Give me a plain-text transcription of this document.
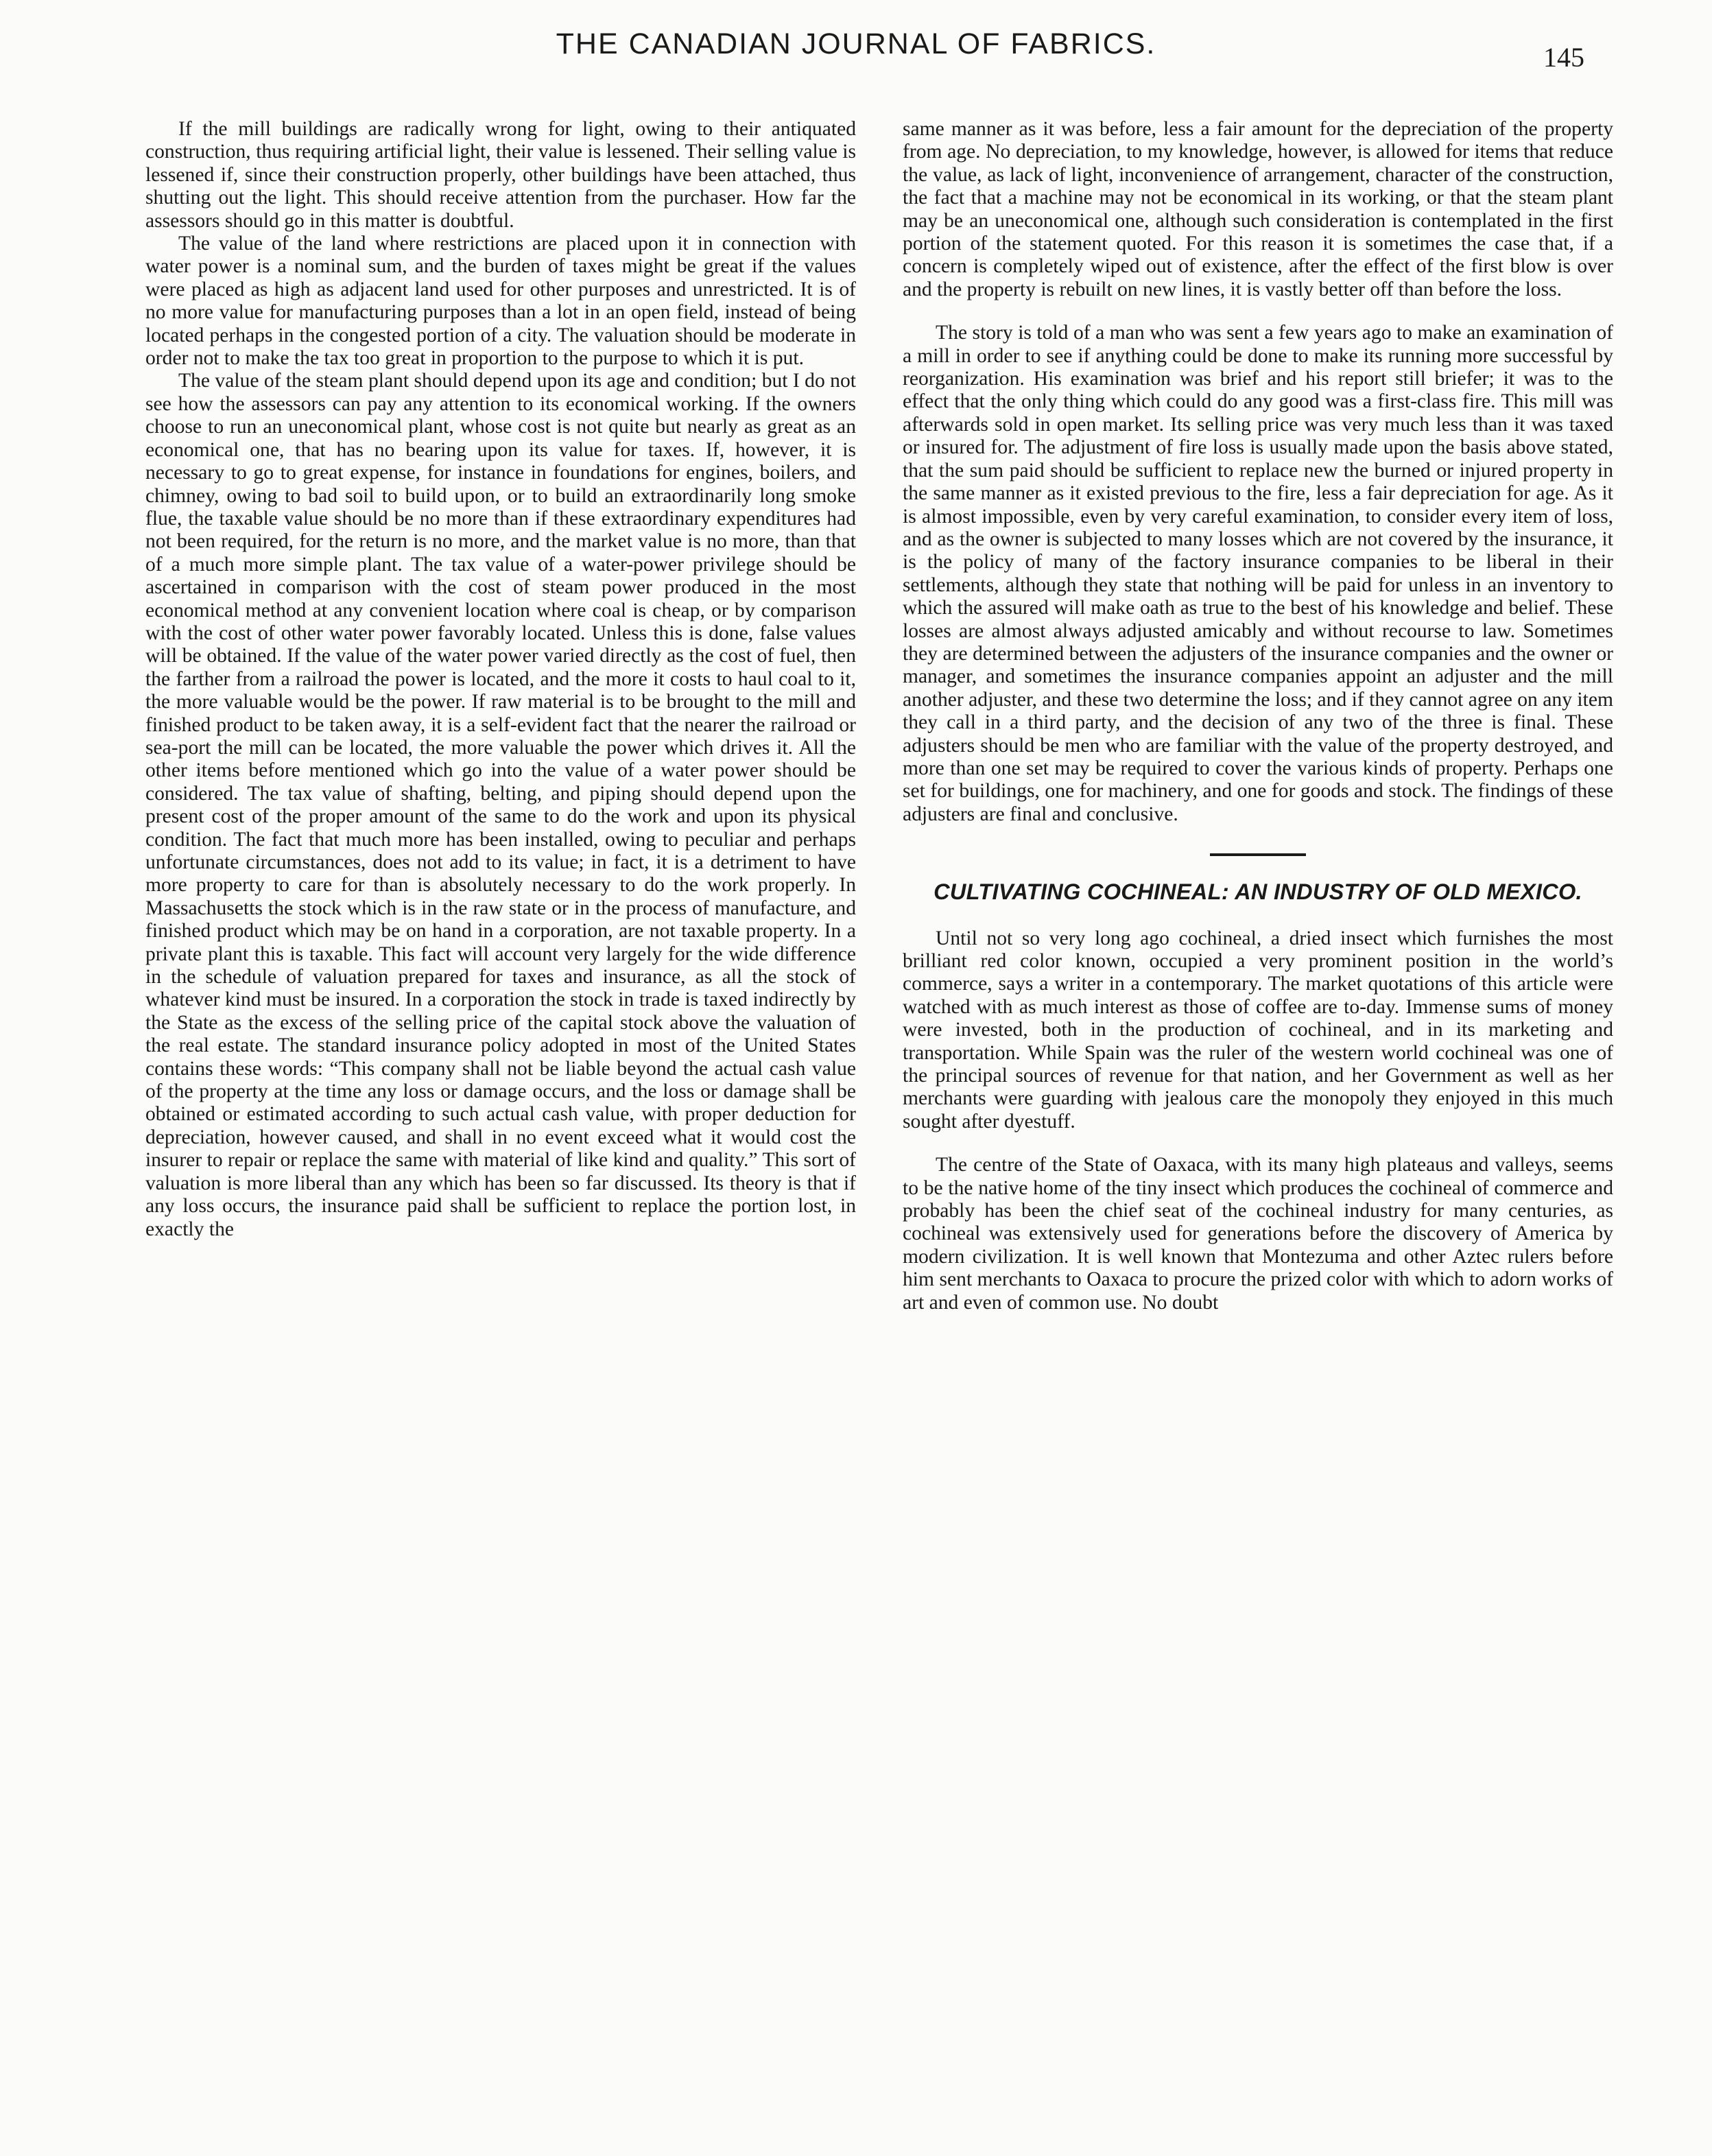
THE CANADIAN JOURNAL OF FABRICS.	145

If the mill buildings are radically wrong for light, owing to their antiquated construction, thus requiring artificial light, their value is lessened. Their selling value is lessened if, since their construction properly, other buildings have been attached, thus shutting out the light. This should receive attention from the purchaser. How far the assessors should go in this matter is doubtful.

The value of the land where restrictions are placed upon it in connection with water power is a nominal sum, and the burden of taxes might be great if the values were placed as high as adjacent land used for other purposes and unrestricted. It is of no more value for manufacturing purposes than a lot in an open field, instead of being located perhaps in the congested portion of a city. The valuation should be moderate in order not to make the tax too great in proportion to the purpose to which it is put.

The value of the steam plant should depend upon its age and condition; but I do not see how the assessors can pay any attention to its economical working. If the owners choose to run an uneconomical plant, whose cost is not quite but nearly as great as an economical one, that has no bearing upon its value for taxes. If, however, it is necessary to go to great expense, for instance in foundations for engines, boilers, and chimney, owing to bad soil to build upon, or to build an extraordinarily long smoke flue, the taxable value should be no more than if these extraordinary expenditures had not been required, for the return is no more, and the market value is no more, than that of a much more simple plant. The tax value of a water-power privilege should be ascertained in comparison with the cost of steam power produced in the most economical method at any convenient location where coal is cheap, or by comparison with the cost of other water power favorably located. Unless this is done, false values will be obtained. If the value of the water power varied directly as the cost of fuel, then the farther from a railroad the power is located, and the more it costs to haul coal to it, the more valuable would be the power. If raw material is to be brought to the mill and finished product to be taken away, it is a self-evident fact that the nearer the railroad or sea-port the mill can be located, the more valuable the power which drives it. All the other items before mentioned which go into the value of a water power should be considered. The tax value of shafting, belting, and piping should depend upon the present cost of the proper amount of the same to do the work and upon its physical condition. The fact that much more has been installed, owing to peculiar and perhaps unfortunate circumstances, does not add to its value; in fact, it is a detriment to have more property to care for than is absolutely necessary to do the work properly. In Massachusetts the stock which is in the raw state or in the process of manufacture, and finished product which may be on hand in a corporation, are not taxable property. In a private plant this is taxable. This fact will account very largely for the wide difference in the schedule of valuation prepared for taxes and insurance, as all the stock of whatever kind must be insured. In a corporation the stock in trade is taxed indirectly by the State as the excess of the selling price of the capital stock above the valuation of the real estate. The standard insurance policy adopted in most of the United States contains these words: “This company shall not be liable beyond the actual cash value of the property at the time any loss or damage occurs, and the loss or damage shall be obtained or estimated according to such actual cash value, with proper deduction for depreciation, however caused, and shall in no event exceed what it would cost the insurer to repair or replace the same with material of like kind and quality.” This sort of valuation is more liberal than any which has been so far discussed. Its theory is that if any loss occurs, the insurance paid shall be sufficient to replace the portion lost, in exactly the

same manner as it was before, less a fair amount for the depreciation of the property from age. No depreciation, to my knowledge, however, is allowed for items that reduce the value, as lack of light, inconvenience of arrangement, character of the construction, the fact that a machine may not be economical in its working, or that the steam plant may be an uneconomical one, although such consideration is contemplated in the first portion of the statement quoted. For this reason it is sometimes the case that, if a concern is completely wiped out of existence, after the effect of the first blow is over and the property is rebuilt on new lines, it is vastly better off than before the loss.

The story is told of a man who was sent a few years ago to make an examination of a mill in order to see if anything could be done to make its running more successful by reorganization. His examination was brief and his report still briefer; it was to the effect that the only thing which could do any good was a first-class fire. This mill was afterwards sold in open market. Its selling price was very much less than it was taxed or insured for. The adjustment of fire loss is usually made upon the basis above stated, that the sum paid should be sufficient to replace new the burned or injured property in the same manner as it existed previous to the fire, less a fair depreciation for age. As it is almost impossible, even by very careful examination, to consider every item of loss, and as the owner is subjected to many losses which are not covered by the insurance, it is the policy of many of the factory insurance companies to be liberal in their settlements, although they state that nothing will be paid for unless in an inventory to which the assured will make oath as true to the best of his knowledge and belief. These losses are almost always adjusted amicably and without recourse to law. Sometimes they are determined between the adjusters of the insurance companies and the owner or manager, and sometimes the insurance companies appoint an adjuster and the mill another adjuster, and these two determine the loss; and if they cannot agree on any item they call in a third party, and the decision of any two of the three is final. These adjusters should be men who are familiar with the value of the property destroyed, and more than one set may be required to cover the various kinds of property. Perhaps one set for buildings, one for machinery, and one for goods and stock. The findings of these adjusters are final and conclusive.

CULTIVATING COCHINEAL: AN INDUSTRY OF OLD MEXICO.

Until not so very long ago cochineal, a dried insect which furnishes the most brilliant red color known, occupied a very prominent position in the world’s commerce, says a writer in a contemporary. The market quotations of this article were watched with as much interest as those of coffee are to-day. Immense sums of money were invested, both in the production of cochineal, and in its marketing and transportation. While Spain was the ruler of the western world cochineal was one of the principal sources of revenue for that nation, and her Government as well as her merchants were guarding with jealous care the monopoly they enjoyed in this much sought after dyestuff.

The centre of the State of Oaxaca, with its many high plateaus and valleys, seems to be the native home of the tiny insect which produces the cochineal of commerce and probably has been the chief seat of the cochineal industry for many centuries, as cochineal was extensively used for generations before the discovery of America by modern civilization. It is well known that Montezuma and other Aztec rulers before him sent merchants to Oaxaca to procure the prized color with which to adorn works of art and even of common use. No doubt
